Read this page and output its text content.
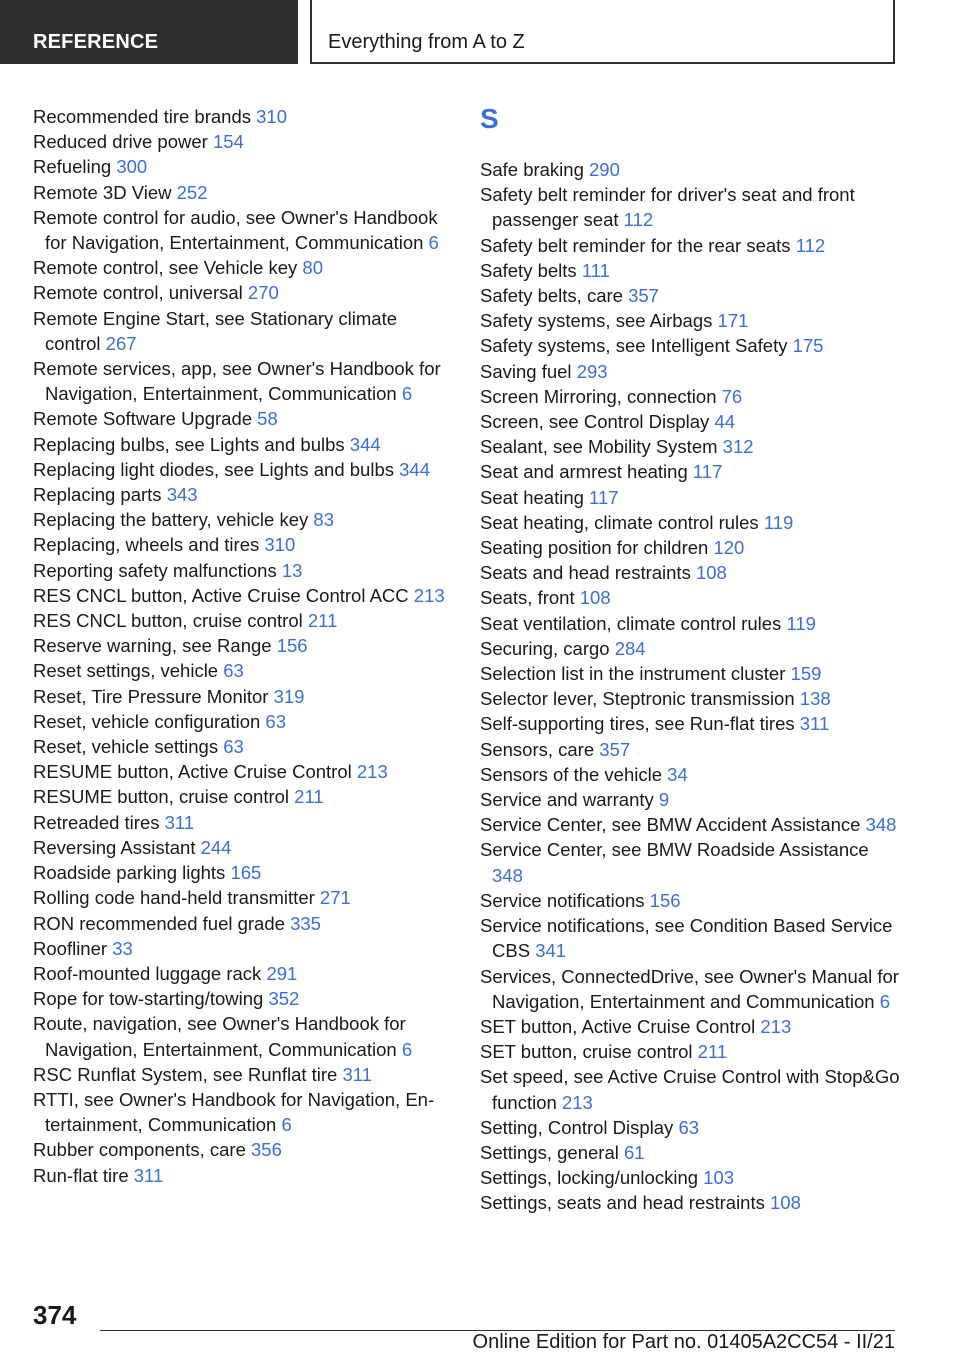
REFERENCE	Everything from A to Z
Recommended tire brands 310
Reduced drive power 154
Refueling 300
Remote 3D View 252
Remote control for audio, see Owner's Handbook for Navigation, Entertainment, Communication 6
Remote control, see Vehicle key 80
Remote control, universal 270
Remote Engine Start, see Stationary climate control 267
Remote services, app, see Owner's Handbook for Navigation, Entertainment, Communication 6
Remote Software Upgrade 58
Replacing bulbs, see Lights and bulbs 344
Replacing light diodes, see Lights and bulbs 344
Replacing parts 343
Replacing the battery, vehicle key 83
Replacing, wheels and tires 310
Reporting safety malfunctions 13
RES CNCL button, Active Cruise Control ACC 213
RES CNCL button, cruise control 211
Reserve warning, see Range 156
Reset settings, vehicle 63
Reset, Tire Pressure Monitor 319
Reset, vehicle configuration 63
Reset, vehicle settings 63
RESUME button, Active Cruise Control 213
RESUME button, cruise control 211
Retreaded tires 311
Reversing Assistant 244
Roadside parking lights 165
Rolling code hand-held transmitter 271
RON recommended fuel grade 335
Roofliner 33
Roof-mounted luggage rack 291
Rope for tow-starting/towing 352
Route, navigation, see Owner's Handbook for Navigation, Entertainment, Communication 6
RSC Runflat System, see Runflat tire 311
RTTI, see Owner's Handbook for Navigation, Entertainment, Communication 6
Rubber components, care 356
Run-flat tire 311
S
Safe braking 290
Safety belt reminder for driver's seat and front passenger seat 112
Safety belt reminder for the rear seats 112
Safety belts 111
Safety belts, care 357
Safety systems, see Airbags 171
Safety systems, see Intelligent Safety 175
Saving fuel 293
Screen Mirroring, connection 76
Screen, see Control Display 44
Sealant, see Mobility System 312
Seat and armrest heating 117
Seat heating 117
Seat heating, climate control rules 119
Seating position for children 120
Seats and head restraints 108
Seats, front 108
Seat ventilation, climate control rules 119
Securing, cargo 284
Selection list in the instrument cluster 159
Selector lever, Steptronic transmission 138
Self-supporting tires, see Run-flat tires 311
Sensors, care 357
Sensors of the vehicle 34
Service and warranty 9
Service Center, see BMW Accident Assistance 348
Service Center, see BMW Roadside Assistance 348
Service notifications 156
Service notifications, see Condition Based Service CBS 341
Services, ConnectedDrive, see Owner's Manual for Navigation, Entertainment and Communication 6
SET button, Active Cruise Control 213
SET button, cruise control 211
Set speed, see Active Cruise Control with Stop&Go function 213
Setting, Control Display 63
Settings, general 61
Settings, locking/unlocking 103
Settings, seats and head restraints 108
374
Online Edition for Part no. 01405A2CC54 - II/21
